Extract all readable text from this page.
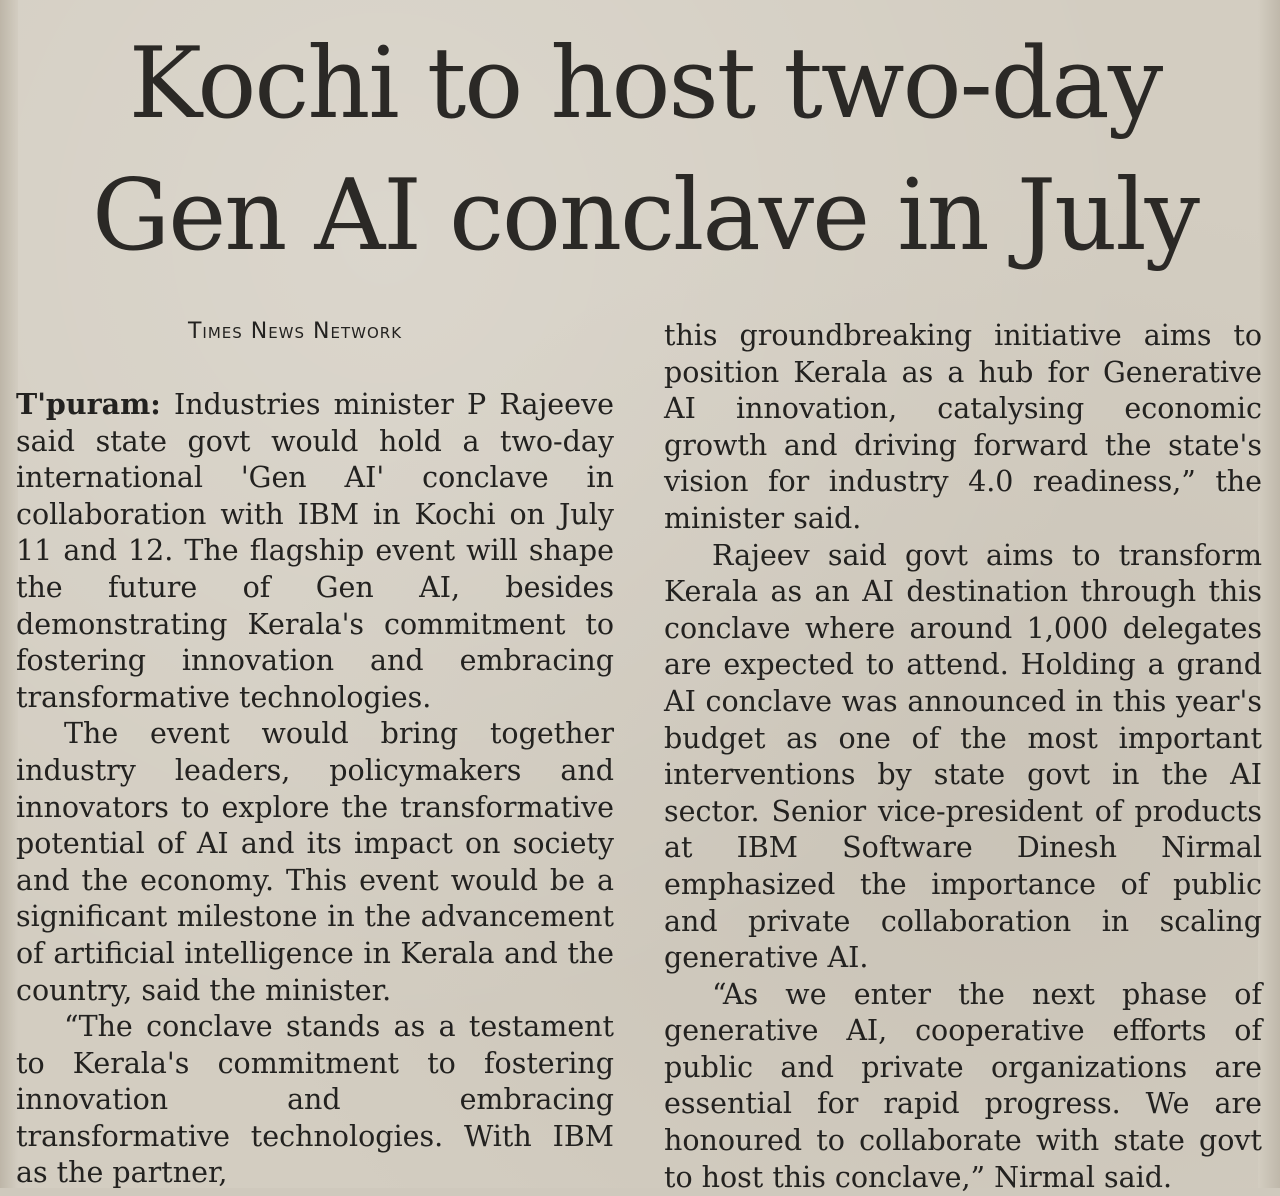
Kochi to host two-day
Gen AI conclave in July
Times News Network

T'puram: Industries minister P Rajeeve said state govt would hold a two-day international 'Gen AI' conclave in collaboration with IBM in Kochi on July 11 and 12. The flagship event will shape the future of Gen AI, besides demonstrating Kerala's commitment to fostering innovation and embracing transformative technologies.

The event would bring together industry leaders, policymakers and innovators to explore the transformative potential of AI and its impact on society and the economy. This event would be a significant milestone in the advancement of artificial intelligence in Kerala and the country, said the minister.

“The conclave stands as a testament to Kerala's commitment to fostering innovation and embracing transformative technologies. With IBM as the partner,

this groundbreaking initiative aims to position Kerala as a hub for Generative AI innovation, catalysing economic growth and driving forward the state's vision for industry 4.0 readiness,” the minister said.

Rajeev said govt aims to transform Kerala as an AI destination through this conclave where around 1,000 delegates are expected to attend. Holding a grand AI conclave was announced in this year's budget as one of the most important interventions by state govt in the AI sector. Senior vice-president of products at IBM Software Dinesh Nirmal emphasized the importance of public and private collaboration in scaling generative AI.

“As we enter the next phase of generative AI, cooperative efforts of public and private organizations are essential for rapid progress. We are honoured to collaborate with state govt to host this conclave,” Nirmal said.
